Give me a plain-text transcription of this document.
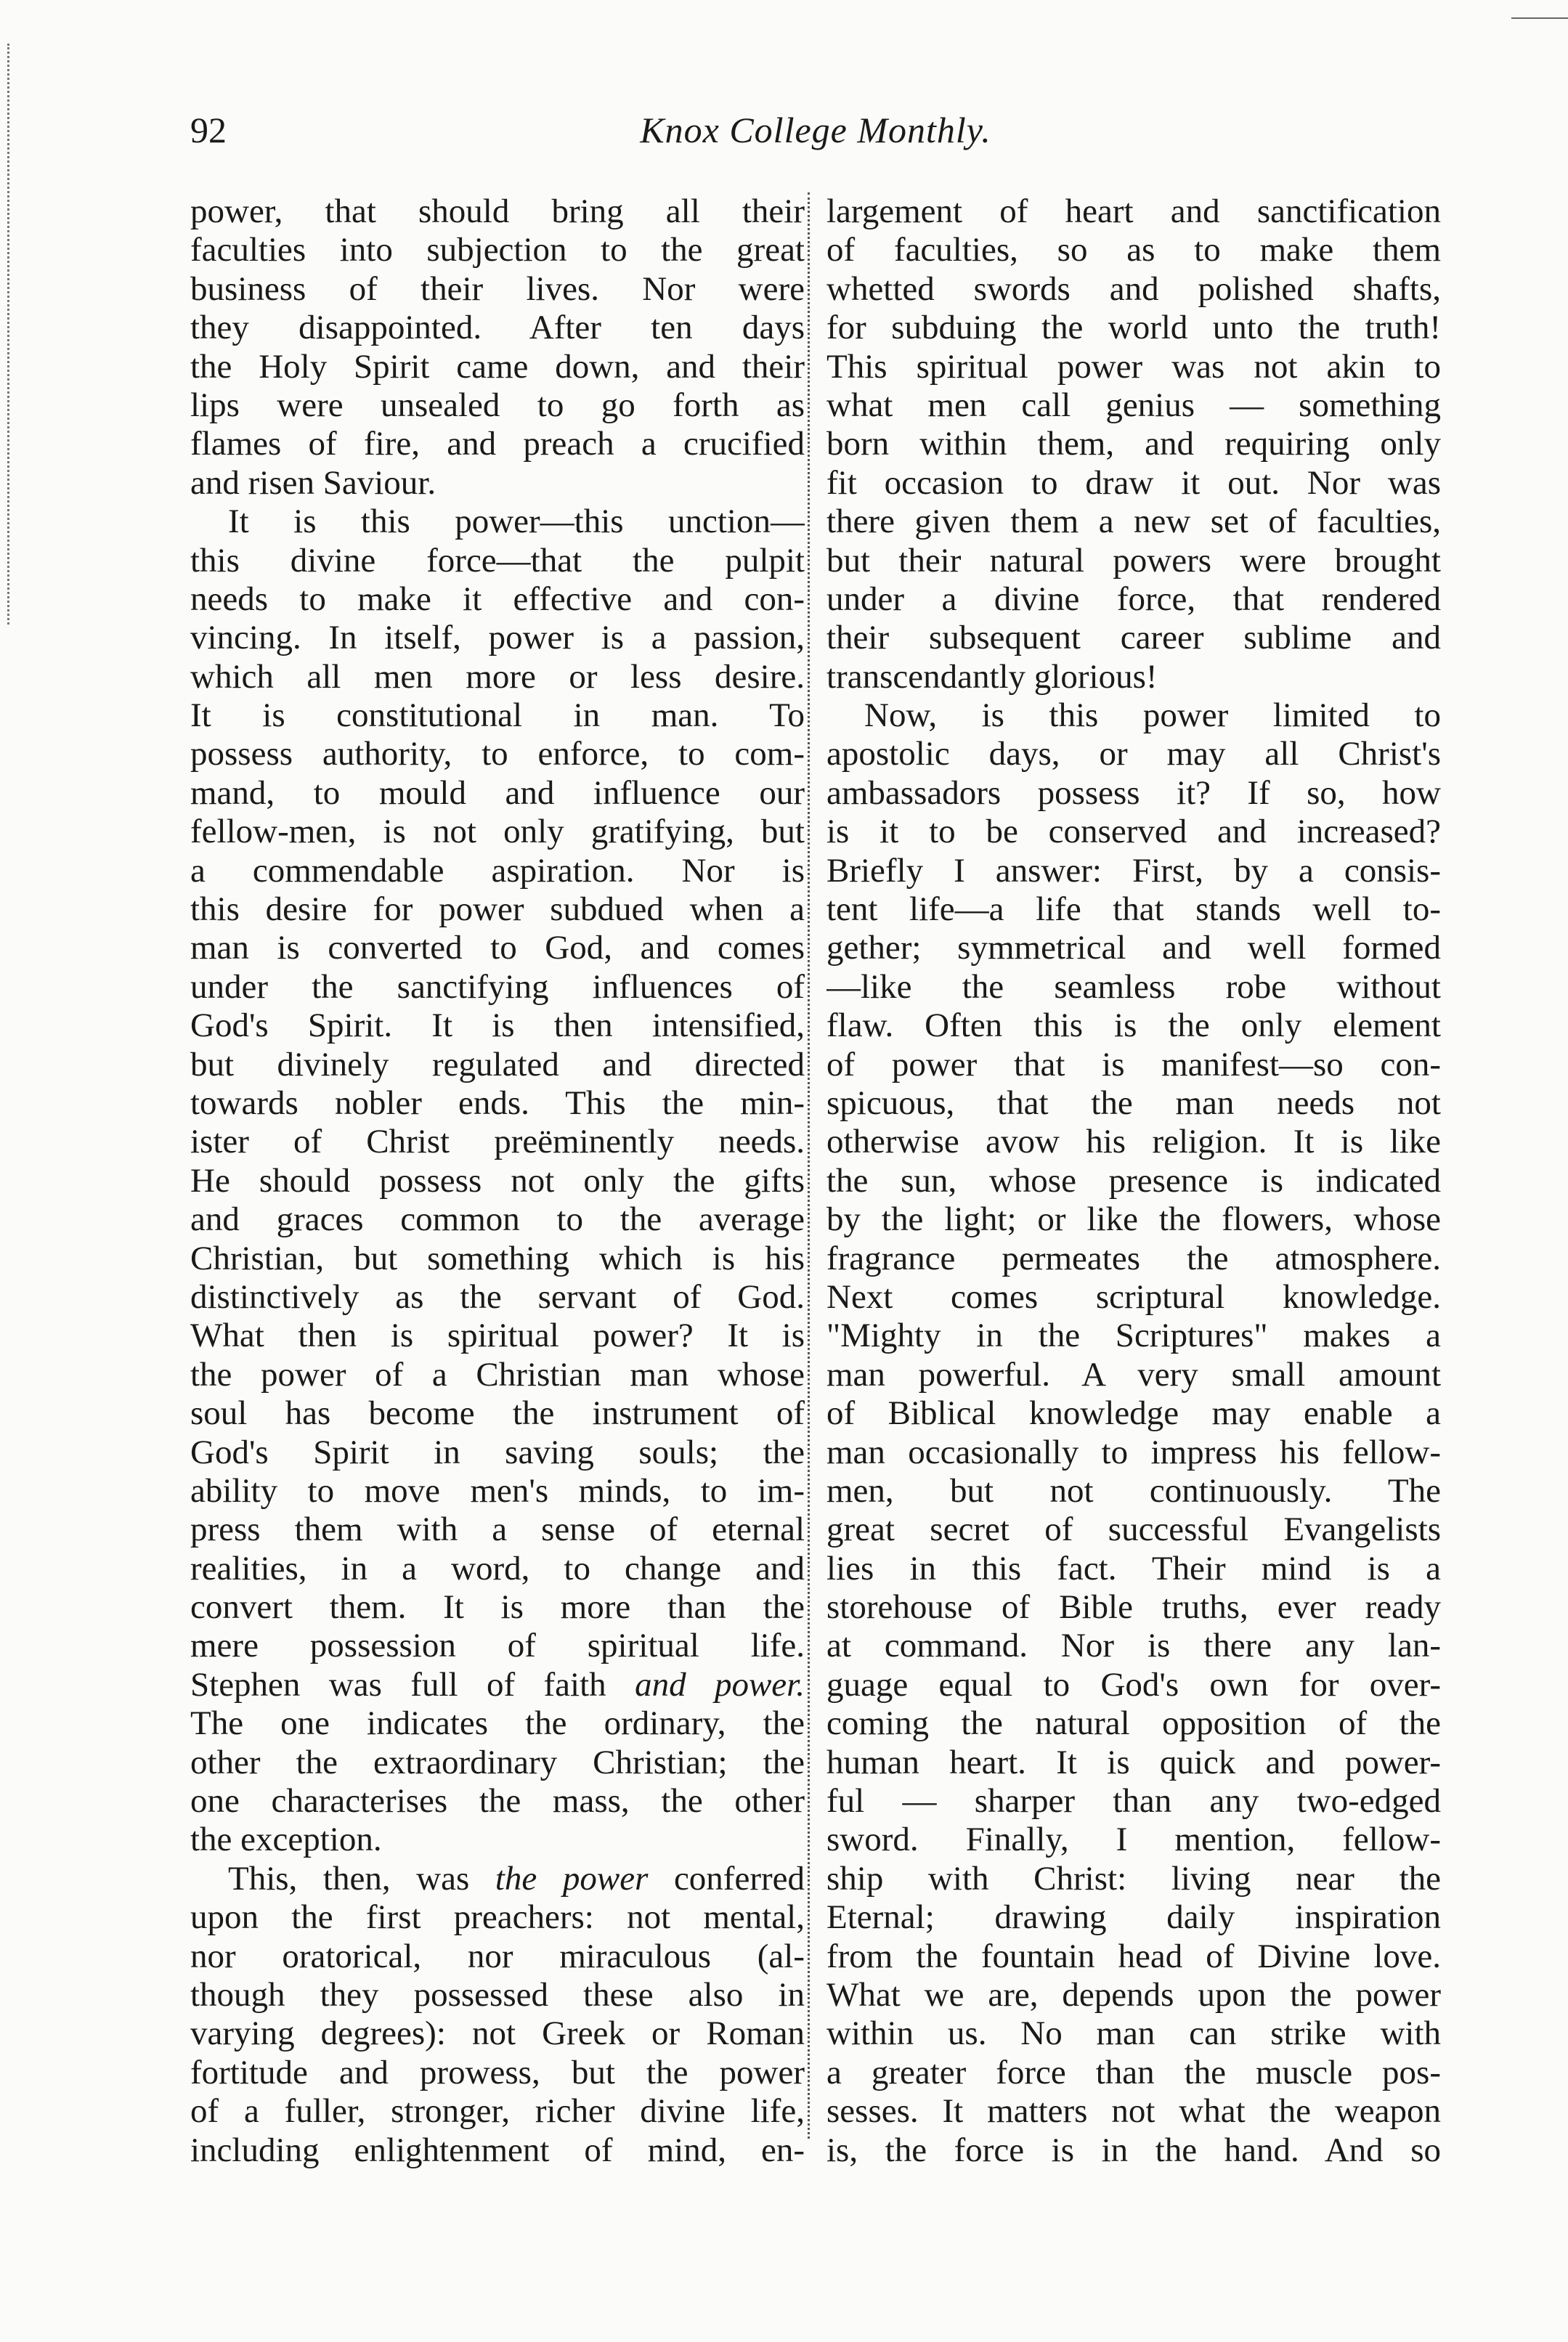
92	Knox College Monthly.
power, that should bring all their
faculties into subjection to the great
business of their lives. Nor were
they disappointed. After ten days
the Holy Spirit came down, and their
lips were unsealed to go forth as
flames of fire, and preach a crucified
and risen Saviour.
It is this power—this unction—
this divine force—that the pulpit
needs to make it effective and con-
vincing. In itself, power is a passion,
which all men more or less desire.
It is constitutional in man. To
possess authority, to enforce, to com-
mand, to mould and influence our
fellow-men, is not only gratifying, but
a commendable aspiration. Nor is
this desire for power subdued when a
man is converted to God, and comes
under the sanctifying influences of
God's Spirit. It is then intensified,
but divinely regulated and directed
towards nobler ends. This the min-
ister of Christ preëminently needs.
He should possess not only the gifts
and graces common to the average
Christian, but something which is his
distinctively as the servant of God.
What then is spiritual power? It is
the power of a Christian man whose
soul has become the instrument of
God's Spirit in saving souls; the
ability to move men's minds, to im-
press them with a sense of eternal
realities, in a word, to change and
convert them. It is more than the
mere possession of spiritual life.
Stephen was full of faith and power.
The one indicates the ordinary, the
other the extraordinary Christian; the
one characterises the mass, the other
the exception.
This, then, was the power conferred
upon the first preachers: not mental,
nor oratorical, nor miraculous (al-
though they possessed these also in
varying degrees): not Greek or Roman
fortitude and prowess, but the power
of a fuller, stronger, richer divine life,
including enlightenment of mind, en-
largement of heart and sanctification
of faculties, so as to make them
whetted swords and polished shafts,
for subduing the world unto the truth!
This spiritual power was not akin to
what men call genius — something
born within them, and requiring only
fit occasion to draw it out. Nor was
there given them a new set of faculties,
but their natural powers were brought
under a divine force, that rendered
their subsequent career sublime and
transcendantly glorious!
Now, is this power limited to
apostolic days, or may all Christ's
ambassadors possess it? If so, how
is it to be conserved and increased?
Briefly I answer: First, by a consis-
tent life—a life that stands well to-
gether; symmetrical and well formed
—like the seamless robe without
flaw. Often this is the only element
of power that is manifest—so con-
spicuous, that the man needs not
otherwise avow his religion. It is like
the sun, whose presence is indicated
by the light; or like the flowers, whose
fragrance permeates the atmosphere.
Next comes scriptural knowledge.
"Mighty in the Scriptures" makes a
man powerful. A very small amount
of Biblical knowledge may enable a
man occasionally to impress his fellow-
men, but not continuously. The
great secret of successful Evangelists
lies in this fact. Their mind is a
storehouse of Bible truths, ever ready
at command. Nor is there any lan-
guage equal to God's own for over-
coming the natural opposition of the
human heart. It is quick and power-
ful — sharper than any two-edged
sword. Finally, I mention, fellow-
ship with Christ: living near the
Eternal; drawing daily inspiration
from the fountain head of Divine love.
What we are, depends upon the power
within us. No man can strike with
a greater force than the muscle pos-
sesses. It matters not what the weapon
is, the force is in the hand. And so
